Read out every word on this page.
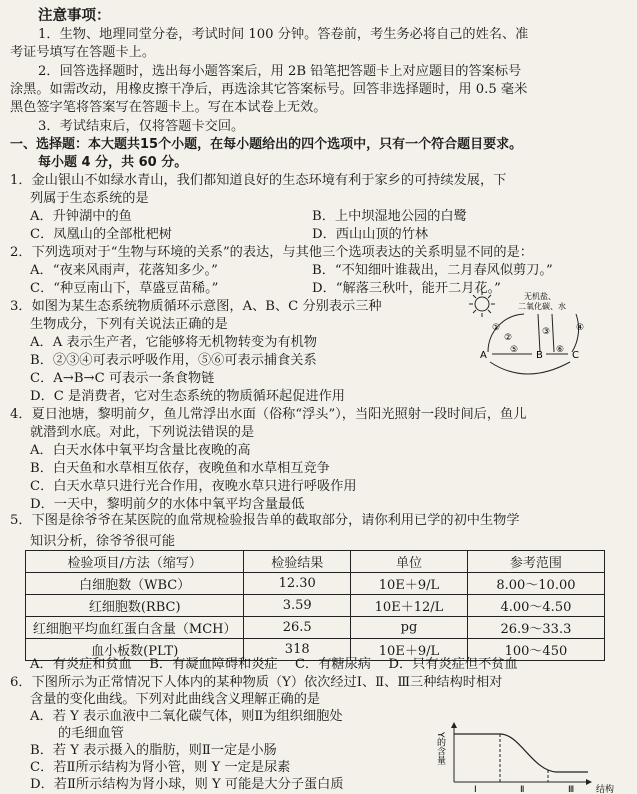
注意事项：
1．生物、地理同堂分卷，考试时间 100 分钟。答卷前，考生务必将自己的姓名、准
考证号填写在答题卡上。
2．回答选择题时，选出每小题答案后，用 2B 铅笔把答题卡上对应题目的答案标号
涂黑。如需改动，用橡皮擦干净后，再选涂其它答案标号。回答非选择题时，用 0.5 毫米
黑色签字笔将答案写在答题卡上。写在本试卷上无效。
3．考试结束后，仅将答题卡交回。
一、选择题：本大题共15个小题，在每小题给出的四个选项中，只有一个符合题目要求。
每小题 4 分，共 60 分。
1．金山银山不如绿水青山，我们都知道良好的生态环境有利于家乡的可持续发展，下
列属于生态系统的是
A．升钟湖中的鱼	B．上中坝湿地公园的白鹭
C．凤凰山的全部枇杷树	D．西山山顶的竹林
2．下列选项对于“生物与环境的关系”的表达，与其他三个选项表达的关系明显不同的是：
A．“夜来风雨声，花落知多少。”	B．“不知细叶谁裁出，二月春风似剪刀。”
C．“种豆南山下，草盛豆苗稀。”	D．“解落三秋叶，能开二月花。”
3．如图为某生态系统物质循环示意图，A、B、C 分别表示三种
生物成分，下列有关说法正确的是
A．A 表示生产者，它能够将无机物转变为有机物
B．②③④可表示呼吸作用，⑤⑥可表示捕食关系
C．A→B→C 可表示一条食物链
D．C 是消费者，它对生态系统的物质循环起促进作用
无机盐、
二氧化碳、水
A	B	C
①
②
③	④
⑤	⑥
4．夏日池塘，黎明前夕，鱼儿常浮出水面（俗称“浮头”），当阳光照射一段时间后，鱼儿
就潜到水底。对此，下列说法错误的是
A．白天水体中氧平均含量比夜晚的高
B．白天鱼和水草相互依存，夜晚鱼和水草相互竞争
C．白天水草只进行光合作用，夜晚水草只进行呼吸作用
D．一天中，黎明前夕的水体中氧平均含量最低
5．下图是徐爷爷在某医院的血常规检验报告单的截取部分，请你利用已学的初中生物学
检验项目/方法（缩写）	检验结果	单位	参考范围
白细胞数（WBC）	12.30	10E＋9/L	8.00～10.00
红细胞数(RBC)	3.59	10E＋12/L	4.00～4.50
红细胞平均血红蛋白含量（MCH）	26.5	pg	26.9～33.3
血小板数(PLT)	318	10E＋9/L	100～450
知识分析，徐爷爷很可能
A．有炎症和贫血　 B．有凝血障碍和炎症　 C．有糖尿病　 D．只有炎症但不贫血
6．下图所示为正常情况下人体内的某种物质（Y）依次经过Ⅰ、Ⅱ、Ⅲ三种结构时相对
含量的变化曲线。下列对此曲线含义理解正确的是
A．若 Y 表示血液中二氧化碳气体，则Ⅱ为组织细胞处
的毛细血管
B．若 Y 表示摄入的脂肪，则Ⅱ一定是小肠
C．若Ⅱ所示结构为肾小管，则 Y 一定是尿素
Y的含量
Ⅰ	Ⅱ	Ⅲ 结构
D．若Ⅱ所示结构为肾小球，则 Y 可能是大分子蛋白质
